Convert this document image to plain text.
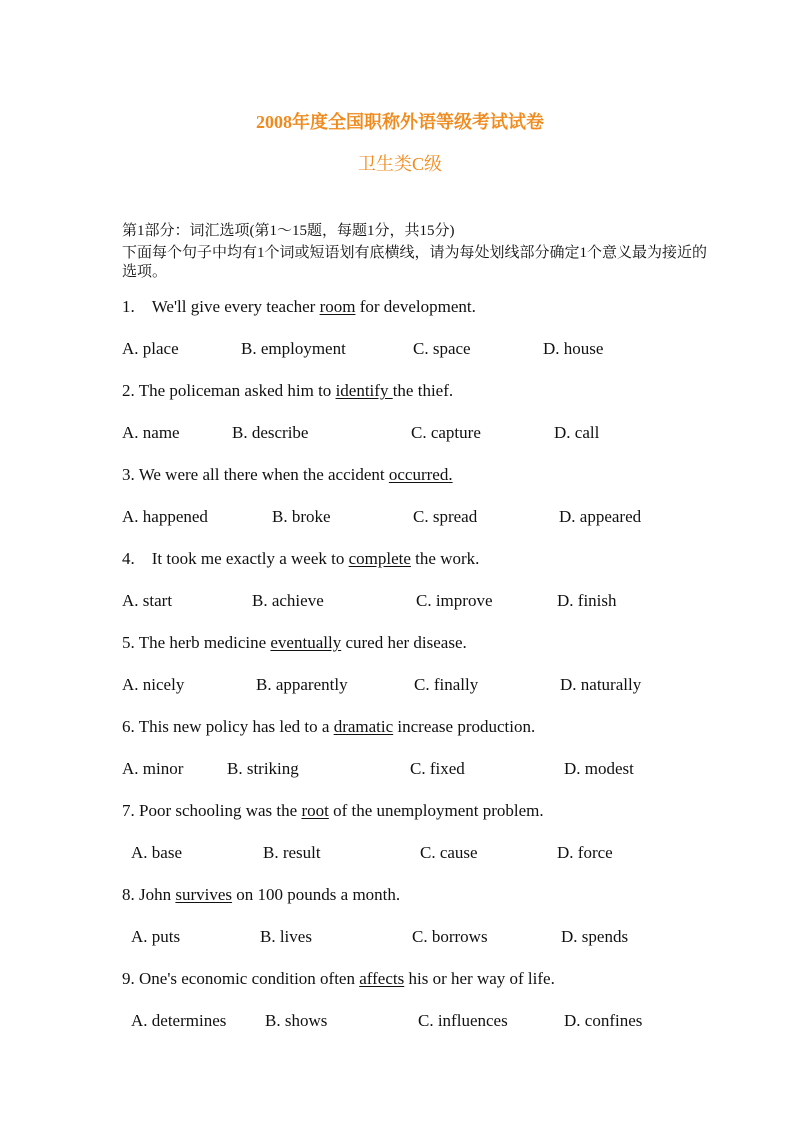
2008年度全国职称外语等级考试试卷
卫生类C级
第1部分：词汇选项(第1～15题，每题1分，共15分)
下面每个句子中均有1个词或短语划有底横线，请为每处划线部分确定1个意义最为接近的选项。
1.    We'll give every teacher room for development.
A. place	B. employment	C. space	D. house
2. The policeman asked him to identify the thief.
A. name	B. describe	C. capture	D. call
3. We were all there when the accident occurred.
A. happened	B. broke	C. spread	D. appeared
4.    It took me exactly a week to complete the work.
A. start	B. achieve	C. improve	D. finish
5. The herb medicine eventually cured her disease.
A. nicely	B. apparently	C. finally	D. naturally
6. This new policy has led to a dramatic increase production.
A. minor	B. striking	C. fixed	D. modest
7. Poor schooling was the root of the unemployment problem.
A. base	B. result	C. cause	D. force
8. John survives on 100 pounds a month.
A. puts	B. lives	C. borrows	D. spends
9. One's economic condition often affects his or her way of life.
A. determines B. shows	C. influences	D. confines
